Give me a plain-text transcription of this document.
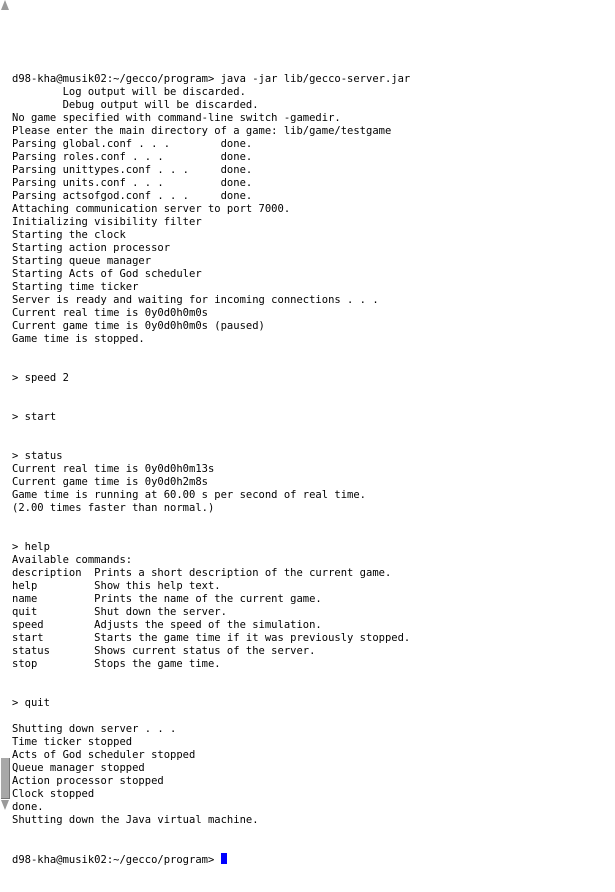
d98-kha@musik02:~/gecco/program> java -jar lib/gecco-server.jar
Log output will be discarded.
Debug output will be discarded.
No game specified with command-line switch -gamedir.
Please enter the main directory of a game: lib/game/testgame
Parsing global.conf . . .        done.
Parsing roles.conf . . .         done.
Parsing unittypes.conf . . .     done.
Parsing units.conf . . .         done.
Parsing actsofgod.conf . . .     done.
Attaching communication server to port 7000.
Initializing visibility filter
Starting the clock
Starting action processor
Starting queue manager
Starting Acts of God scheduler
Starting time ticker
Server is ready and waiting for incoming connections . . .
Current real time is 0y0d0h0m0s
Current game time is 0y0d0h0m0s (paused)
Game time is stopped.
> speed 2
> start
> status
Current real time is 0y0d0h0m13s
Current game time is 0y0d0h2m8s
Game time is running at 60.00 s per second of real time.
(2.00 times faster than normal.)
> help
Available commands:
description  Prints a short description of the current game.
help         Show this help text.
name         Prints the name of the current game.
quit         Shut down the server.
speed        Adjusts the speed of the simulation.
start        Starts the game time if it was previously stopped.
status       Shows current status of the server.
stop         Stops the game time.
> quit
Shutting down server . . .
Time ticker stopped
Acts of God scheduler stopped
Queue manager stopped
Action processor stopped
Clock stopped
done.
Shutting down the Java virtual machine.

d98-kha@musik02:~/gecco/program>
